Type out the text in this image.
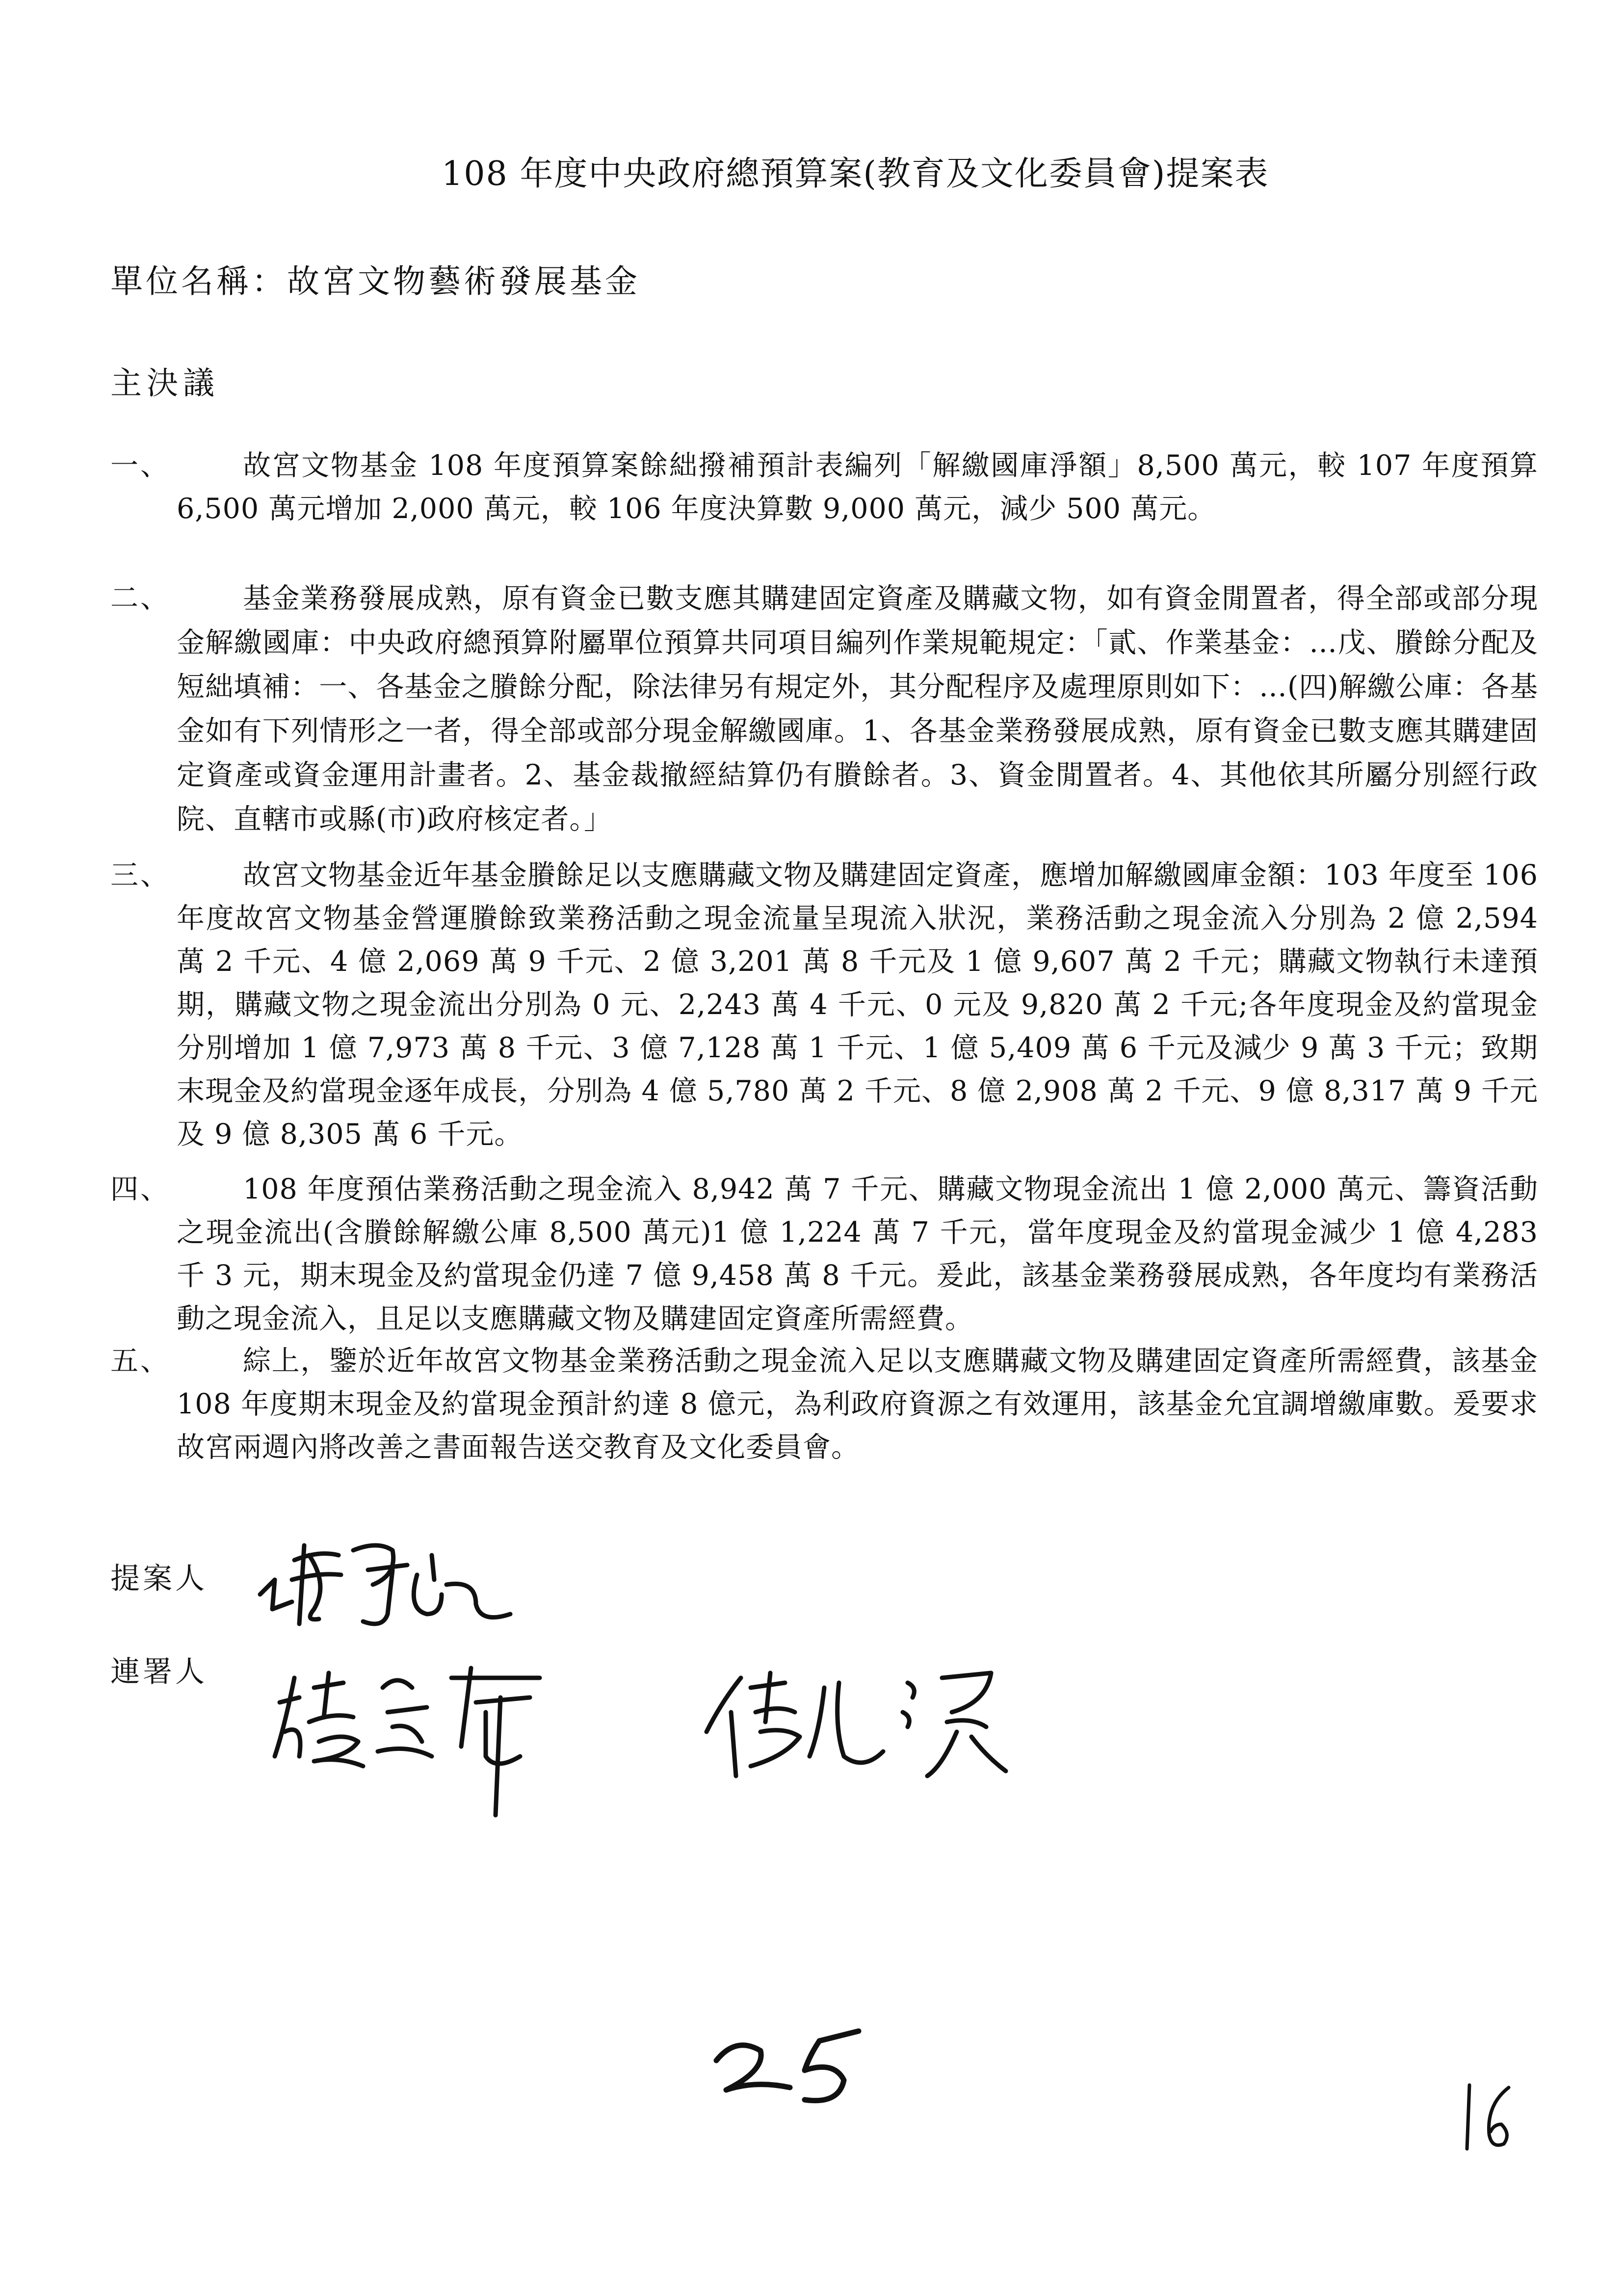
108 年度中央政府總預算案(教育及文化委員會)提案表
單位名稱：故宮文物藝術發展基金
主決議
一、	故宮文物基金 108 年度預算案餘絀撥補預計表編列「解繳國庫淨額」8,500 萬元，較 107 年度預算 6,500 萬元增加 2,000 萬元，較 106 年度決算數 9,000 萬元，減少 500 萬元。
二、	基金業務發展成熟，原有資金已數支應其購建固定資產及購藏文物，如有資金閒置者，得全部或部分現金解繳國庫：中央政府總預算附屬單位預算共同項目編列作業規範規定：「貳、作業基金：…戊、賸餘分配及短絀填補：一、各基金之賸餘分配，除法律另有規定外，其分配程序及處理原則如下：…(四)解繳公庫：各基金如有下列情形之一者，得全部或部分現金解繳國庫。1、各基金業務發展成熟，原有資金已數支應其購建固定資產或資金運用計畫者。2、基金裁撤經結算仍有賸餘者。3、資金閒置者。4、其他依其所屬分別經行政院、直轄市或縣(市)政府核定者。」
三、	故宮文物基金近年基金賸餘足以支應購藏文物及購建固定資產，應增加解繳國庫金額：103 年度至 106 年度故宮文物基金營運賸餘致業務活動之現金流量呈現流入狀況，業務活動之現金流入分別為 2 億 2,594 萬 2 千元、4 億 2,069 萬 9 千元、2 億 3,201 萬 8 千元及 1 億 9,607 萬 2 千元；購藏文物執行未達預期，購藏文物之現金流出分別為 0 元、2,243 萬 4 千元、0 元及 9,820 萬 2 千元;各年度現金及約當現金分別增加 1 億 7,973 萬 8 千元、3 億 7,128 萬 1 千元、1 億 5,409 萬 6 千元及減少 9 萬 3 千元；致期末現金及約當現金逐年成長，分別為 4 億 5,780 萬 2 千元、8 億 2,908 萬 2 千元、9 億 8,317 萬 9 千元及 9 億 8,305 萬 6 千元。
四、	108 年度預估業務活動之現金流入 8,942 萬 7 千元、購藏文物現金流出 1 億 2,000 萬元、籌資活動之現金流出(含賸餘解繳公庫 8,500 萬元)1 億 1,224 萬 7 千元，當年度現金及約當現金減少 1 億 4,283 千 3 元，期末現金及約當現金仍達 7 億 9,458 萬 8 千元。爰此，該基金業務發展成熟，各年度均有業務活動之現金流入，且足以支應購藏文物及購建固定資產所需經費。
五、	綜上，鑒於近年故宮文物基金業務活動之現金流入足以支應購藏文物及購建固定資產所需經費，該基金 108 年度期末現金及約當現金預計約達 8 億元，為利政府資源之有效運用，該基金允宜調增繳庫數。爰要求故宮兩週內將改善之書面報告送交教育及文化委員會。
提案人
連署人
